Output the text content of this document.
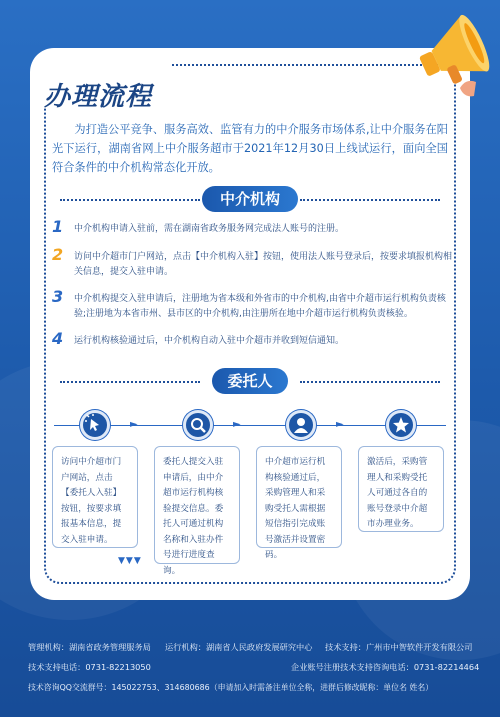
办理流程
为打造公平竞争、服务高效、监管有力的中介服务市场体系,让中介服务在阳光下运行，湖南省网上中介服务超市于2021年12月30日上线试运行，面向全国符合条件的中介机构常态化开放。
中介机构
1	中介机构申请入驻前，需在湖南省政务服务网完成法人账号的注册。
2	访问中介超市门户网站，点击【中介机构入驻】按钮，使用法人账号登录后，按要求填报机构相关信息，提交入驻申请。
3	中介机构提交入驻申请后，注册地为省本级和外省市的中介机构,由省中介超市运行机构负责核验;注册地为本省市州、县市区的中介机构,由注册所在地中介超市运行机构负责核验。
4	运行机构核验通过后，中介机构自动入驻中介超市并收到短信通知。
委托人
►	►	►
访问中介超市门户网站，点击【委托人入驻】按钮，按要求填报基本信息，提交入驻申请。
委托人提交入驻申请后，由中介超市运行机构核验提交信息。委托人可通过机构名称和入驻办件号进行进度查询。
中介超市运行机构核验通过后，采购管理人和采购受托人需根据短信指引完成账号激活并设置密码。
激活后，采购管理人和采购受托人可通过各自的账号登录中介超市办理业务。
▼▼▼
管理机构：湖南省政务管理服务局 运行机构：湖南省人民政府发展研究中心 技术支持：广州市中智软件开发有限公司
技术支持电话：0731-82213050	企业账号注册技术支持咨询电话：0731-82214464
技术咨询QQ交流群号：145022753、314680686（申请加入时需备注单位全称，进群后修改昵称：单位名 姓名）
